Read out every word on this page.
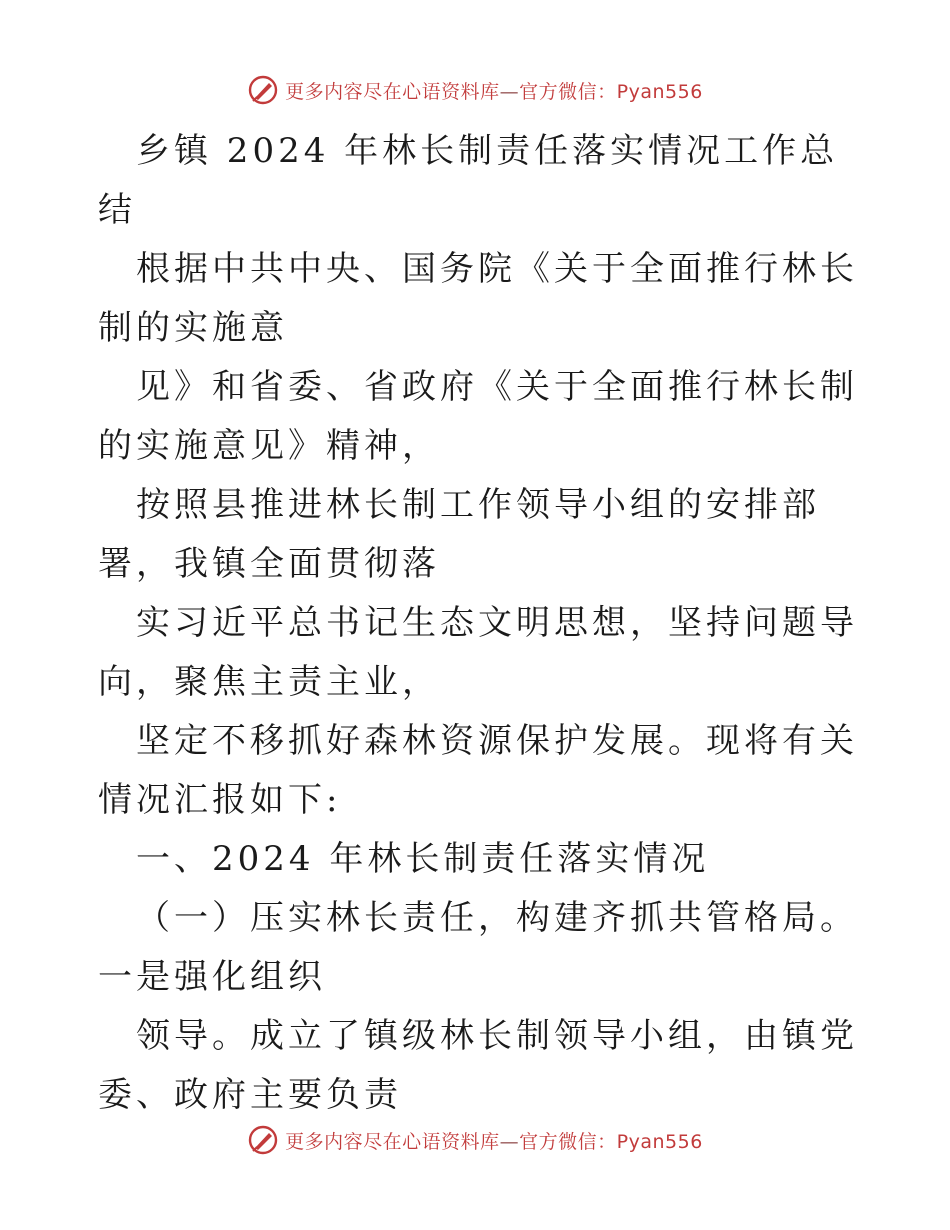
更多内容尽在心语资料库—官方微信：Pyan556

乡镇 2024 年林长制责任落实情况工作总结

根据中共中央、国务院《关于全面推行林长制的实施意

见》和省委、省政府《关于全面推行林长制的实施意见》精神，

按照县推进林长制工作领导小组的安排部署，我镇全面贯彻落

实习近平总书记生态文明思想，坚持问题导向，聚焦主责主业，

坚定不移抓好森林资源保护发展。现将有关情况汇报如下:

一、2024 年林长制责任落实情况

（一）压实林长责任，构建齐抓共管格局。一是强化组织

领导。成立了镇级林长制领导小组，由镇党委、政府主要负责

更多内容尽在心语资料库—官方微信：Pyan556
